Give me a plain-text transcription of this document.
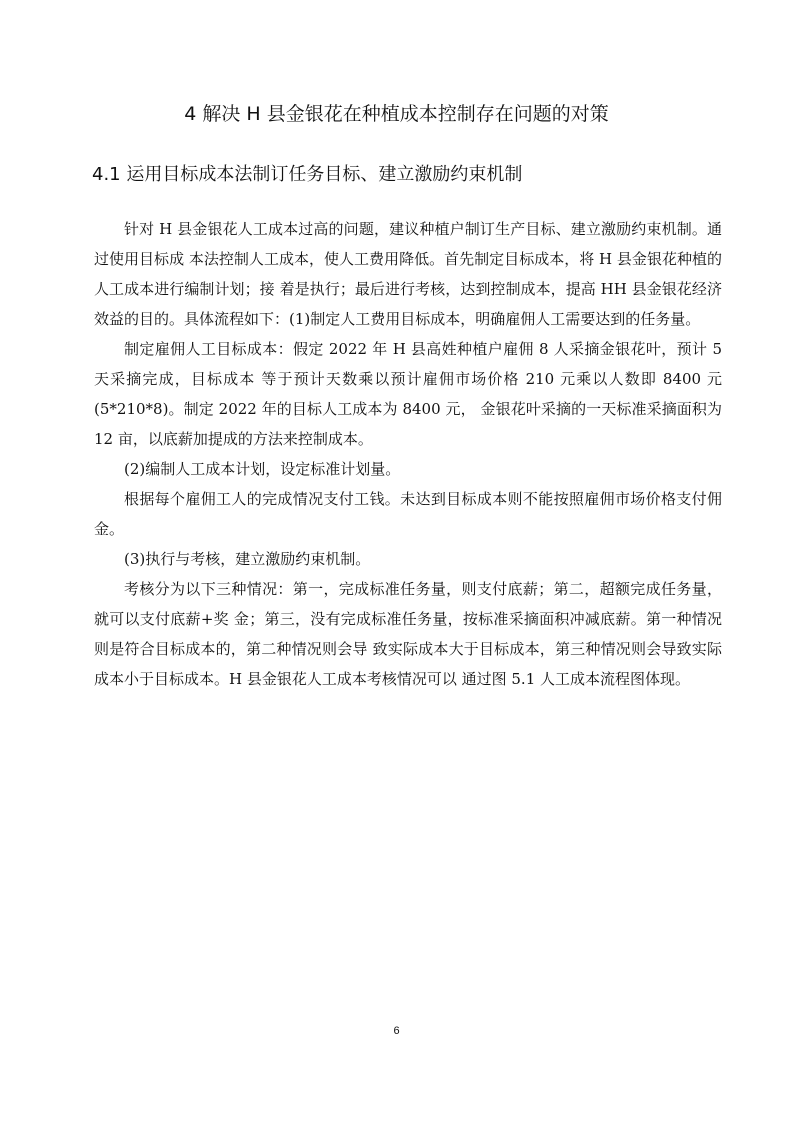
4 解决 H 县金银花在种植成本控制存在问题的对策
4.1 运用目标成本法制订任务目标、建立激励约束机制

针对 H 县金银花人工成本过高的问题，建议种植户制订生产目标、建立激励约束机制。通过使用目标成 本法控制人工成本，使人工费用降低。首先制定目标成本，将 H 县金银花种植的人工成本进行编制计划；接 着是执行；最后进行考核，达到控制成本，提高 HH 县金银花经济效益的目的。具体流程如下：(1)制定人工费用目标成本，明确雇佣人工需要达到的任务量。

制定雇佣人工目标成本：假定 2022 年 H 县高姓种植户雇佣 8 人采摘金银花叶，预计 5 天采摘完成，目标成本 等于预计天数乘以预计雇佣市场价格 210 元乘以人数即 8400 元(5*210*8)。制定 2022 年的目标人工成本为 8400 元， 金银花叶采摘的一天标准采摘面积为 12 亩，以底薪加提成的方法来控制成本。

(2)编制人工成本计划，设定标准计划量。

根据每个雇佣工人的完成情况支付工钱。未达到目标成本则不能按照雇佣市场价格支付佣金。

(3)执行与考核，建立激励约束机制。

考核分为以下三种情况：第一，完成标准任务量，则支付底薪；第二，超额完成任务量，就可以支付底薪+奖 金；第三，没有完成标准任务量，按标准采摘面积冲减底薪。第一种情况则是符合目标成本的，第二种情况则会导 致实际成本大于目标成本，第三种情况则会导致实际成本小于目标成本。H 县金银花人工成本考核情况可以 通过图 5.1 人工成本流程图体现。

6
